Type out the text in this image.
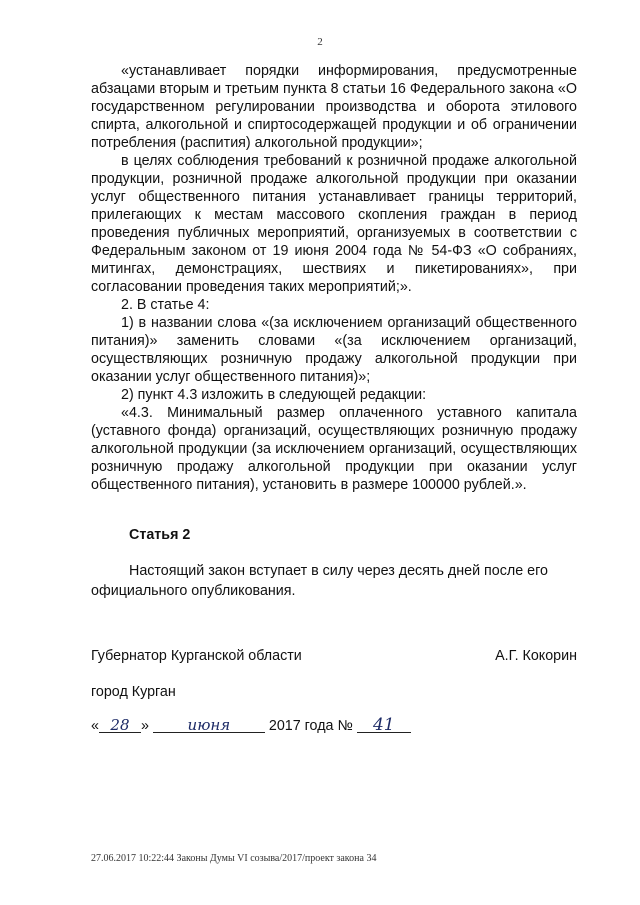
2

«устанавливает порядки информирования, предусмотренные абзацами вторым и третьим пункта 8 статьи 16 Федерального закона «О государственном регулировании производства и оборота этилового спирта, алкогольной и спиртосодержащей продукции и об ограничении потребления (распития) алкогольной продукции»;

в целях соблюдения требований к розничной продаже алкогольной продукции, розничной продаже алкогольной продукции при оказании услуг общественного питания устанавливает границы территорий, прилегающих к местам массового скопления граждан в период проведения публичных мероприятий, организуемых в соответствии с Федеральным законом от 19 июня 2004 года № 54-ФЗ «О собраниях, митингах, демонстрациях, шествиях и пикетированиях», при согласовании проведения таких мероприятий;».

2. В статье 4:

1) в названии слова «(за исключением организаций общественного питания)» заменить словами «(за исключением организаций, осуществляющих розничную продажу алкогольной продукции при оказании услуг общественного питания)»;

2) пункт 4.3 изложить в следующей редакции:

«4.3. Минимальный размер оплаченного уставного капитала (уставного фонда) организаций, осуществляющих розничную продажу алкогольной продукции (за исключением организаций, осуществляющих розничную продажу алкогольной продукции при оказании услуг общественного питания), установить в размере 100000 рублей.».

Статья 2

Настоящий закон вступает в силу через десять дней после его официального опубликования.

Губернатор Курганской области	А.Г. Кокорин
город Курган
« 28 »	июня	2017 года № 41
27.06.2017 10:22:44 Законы Думы VI созыва/2017/проект закона 34
